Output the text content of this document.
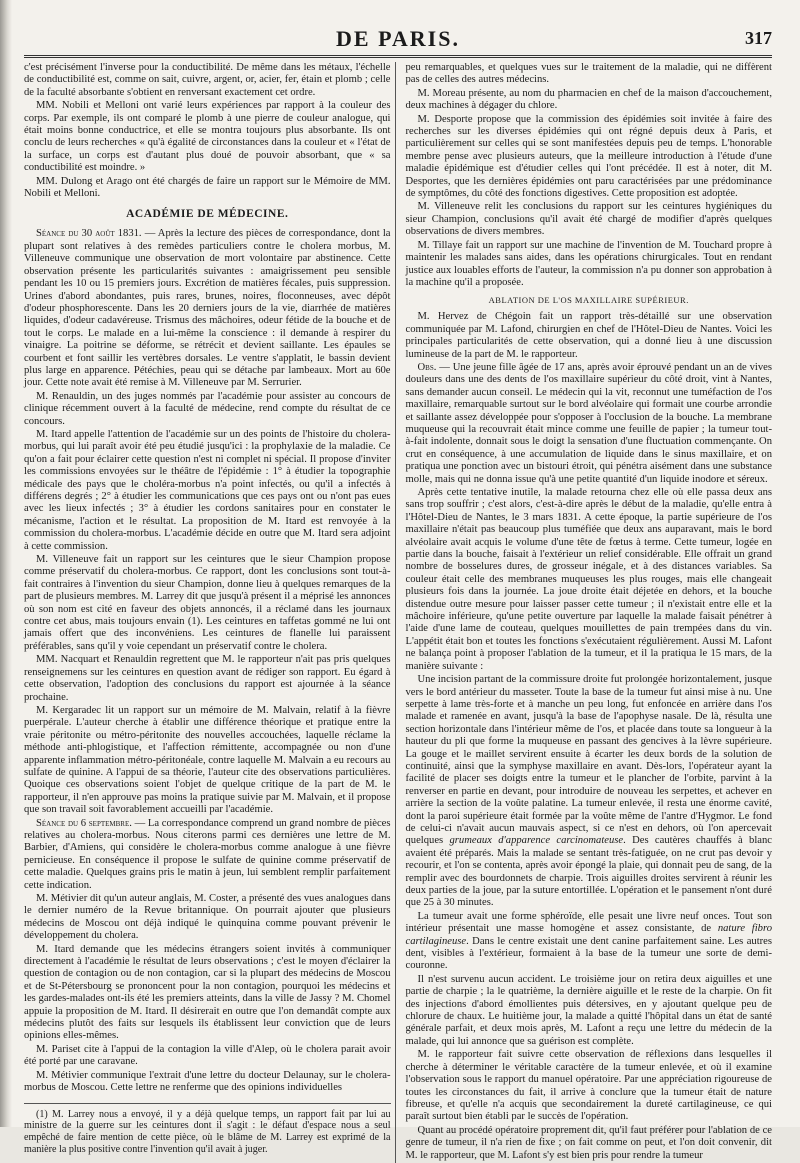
DE PARIS.	317

c'est précisément l'inverse pour la conductibilité. De même dans les métaux, l'échelle de conductibilité est, comme on sait, cuivre, argent, or, acier, fer, étain et plomb ; celle de la faculté absorbante s'obtient en renversant exactement cet ordre.

MM. Nobili et Melloni ont varié leurs expériences par rapport à la couleur des corps. Par exemple, ils ont comparé le plomb à une pierre de couleur analogue, qui était moins bonne conductrice, et elle se montra toujours plus absorbante. Ils ont conclu de leurs recherches « qu'à égalité de circonstances dans la couleur et « l'état de la surface, un corps est d'autant plus doué de pouvoir absorbant, que « sa conductibilité est moindre. »

MM. Dulong et Arago ont été chargés de faire un rapport sur le Mémoire de MM. Nobili et Melloni.

ACADÉMIE DE MÉDECINE.

Séance du 30 août 1831. — Après la lecture des pièces de correspondance, dont la plupart sont relatives à des remèdes particuliers contre le cholera morbus, M. Villeneuve communique une observation de mort volontaire par abstinence. Cette observation présente les particularités suivantes : amaigrissement peu sensible pendant les 10 ou 15 premiers jours. Excrétion de matières fécales, puis suppression. Urines d'abord abondantes, puis rares, brunes, noires, floconneuses, avec dépôt d'odeur phosphorescente. Dans les 20 derniers jours de la vie, diarrhée de matières liquides, d'odeur cadavéreuse. Trismus des mâchoires, odeur fétide de la bouche et de tout le corps. Le malade en a lui-même la conscience : il demande à respirer du vinaigre. La poitrine se déforme, se rétrécit et devient saillante. Les épaules se courbent et font saillir les vertèbres dorsales. Le ventre s'applatit, le bassin devient plus large en apparence. Pétéchies, peau qui se détache par lambeaux. Mort au 60e jour. Cette note avait été remise à M. Villeneuve par M. Serrurier.

M. Renauldin, un des juges nommés par l'académie pour assister au concours de clinique récemment ouvert à la faculté de médecine, rend compte du résultat de ce concours.

M. Itard appelle l'attention de l'académie sur un des points de l'histoire du cholera-morbus, qui lui paraît avoir été peu étudié jusqu'ici : la prophylaxie de la maladie. Ce qu'on a fait pour éclairer cette question n'est ni complet ni spécial. Il propose d'inviter les commissions envoyées sur le théâtre de l'épidémie : 1° à étudier la topographie médicale des pays que le choléra-morbus n'a point infectés, ou qu'il a infectés à différens degrés ; 2° à étudier les communications que ces pays ont ou n'ont pas eues avec les lieux infectés ; 3° à étudier les cordons sanitaires pour en constater le mécanisme, l'action et le résultat. La proposition de M. Itard est renvoyée à la commission du cholera-morbus. L'académie décide en outre que M. Itard sera adjoint à cette commission.

M. Villeneuve fait un rapport sur les ceintures que le sieur Champion propose comme préservatif du cholera-morbus. Ce rapport, dont les conclusions sont tout-à-fait contraires à l'invention du sieur Champion, donne lieu à quelques remarques de la part de plusieurs membres. M. Larrey dit que jusqu'à présent il a méprisé les annonces où son nom est cité en faveur des objets annoncés, il a réclamé dans les journaux contre cet abus, mais toujours envain (1). Les ceintures en taffetas gommé ne lui ont jamais offert que des inconvéniens. Les ceintures de flanelle lui paraissent préférables, sans qu'il y voie cependant un préservatif contre le cholera.

MM. Nacquart et Renauldin regrettent que M. le rapporteur n'ait pas pris quelques renseignemens sur les ceintures en question avant de rédiger son rapport. Eu égard à cette observation, l'adoption des conclusions du rapport est ajournée à la séance prochaine.

M. Kergaradec lit un rapport sur un mémoire de M. Malvain, relatif à la fièvre puerpérale. L'auteur cherche à établir une différence théorique et pratique entre la vraie péritonite ou métro-péritonite des nouvelles accouchées, laquelle réclame la méthode anti-phlogistique, et l'affection rémittente, accompagnée ou non d'une apparente inflammation métro-péritonéale, contre laquelle M. Malvain a eu recours au sulfate de quinine. A l'appui de sa théorie, l'auteur cite des observations particulières. Quoique ces observations soient l'objet de quelque critique de la part de M. le rapporteur, il n'en approuve pas moins la pratique suivie par M. Malvain, et il propose que son travail soit favorablement accueilli par l'académie.

Séance du 6 septembre. — La correspondance comprend un grand nombre de pièces relatives au cholera-morbus. Nous citerons parmi ces dernières une lettre de M. Barbier, d'Amiens, qui considère le cholera-morbus comme analogue à une fièvre pernicieuse. En conséquence il propose le sulfate de quinine comme préservatif de cette maladie. Quelques grains pris le matin à jeun, lui semblent remplir parfaitement cette indication.

M. Métivier dit qu'un auteur anglais, M. Coster, a présenté des vues analogues dans le dernier numéro de la Revue britannique. On pourrait ajouter que plusieurs médecins de Moscou ont déjà indiqué le quinquina comme pouvant prévenir le développement du cholera.

M. Itard demande que les médecins étrangers soient invités à communiquer directement à l'académie le résultat de leurs observations ; c'est le moyen d'éclairer la question de contagion ou de non contagion, car si la plupart des médecins de Moscou et de St-Pétersbourg se prononcent pour la non contagion, pourquoi les médecins et les gardes-malades ont-ils été les premiers atteints, dans la ville de Jassy ? M. Chomel appuie la proposition de M. Itard. Il désirerait en outre que l'on demandât compte aux médecins plutôt des faits sur lesquels ils établissent leur conviction que de leurs opinions elles-mêmes.

M. Pariset cite à l'appui de la contagion la ville d'Alep, où le cholera parait avoir été porté par une caravane.

M. Métivier communique l'extrait d'une lettre du docteur Delaunay, sur le cholera-morbus de Moscou. Cette lettre ne renferme que des opinions individuelles

(1) M. Larrey nous a envoyé, il y a déjà quelque temps, un rapport fait par lui au ministre de la guerre sur les ceintures dont il s'agit : le défaut d'espace nous a seul empêché de faire mention de cette pièce, où le blâme de M. Larrey est exprimé de la manière la plus positive contre l'invention qu'il avait à juger.

peu remarquables, et quelques vues sur le traitement de la maladie, qui ne diffèrent pas de celles des autres médecins.

M. Moreau présente, au nom du pharmacien en chef de la maison d'accouchement, deux machines à dégager du chlore.

M. Desporte propose que la commission des épidémies soit invitée à faire des recherches sur les diverses épidémies qui ont régné depuis deux à Paris, et particulièrement sur celles qui se sont manifestées depuis peu de temps. L'honorable membre pense avec plusieurs auteurs, que la meilleure introduction à l'étude d'une maladie épidémique est d'étudier celles qui l'ont précédée. Il est à noter, dit M. Desportes, que les dernières épidémies ont paru caractérisées par une prédominance de symptômes, du côté des fonctions digestives. Cette proposition est adoptée.

M. Villeneuve relit les conclusions du rapport sur les ceintures hygiéniques du sieur Champion, conclusions qu'il avait été chargé de modifier d'après quelques observations de divers membres.

M. Tillaye fait un rapport sur une machine de l'invention de M. Touchard propre à maintenir les malades sans aides, dans les opérations chirurgicales. Tout en rendant justice aux louables efforts de l'auteur, la commission n'a pu donner son approbation à la machine qu'il a proposée.

ABLATION DE L'OS MAXILLAIRE SUPÉRIEUR.

M. Hervez de Chégoin fait un rapport très-détaillé sur une observation communiquée par M. Lafond, chirurgien en chef de l'Hôtel-Dieu de Nantes. Voici les principales particularités de cette observation, qui a donné lieu à une discussion lumineuse de la part de M. le rapporteur.

Obs. — Une jeune fille âgée de 17 ans, après avoir éprouvé pendant un an de vives douleurs dans une des dents de l'os maxillaire supérieur du côté droit, vint à Nantes, sans demander aucun conseil. Le médecin qui la vit, reconnut une tuméfaction de l'os maxillaire, remarquable surtout sur le bord alvéolaire qui formait une courbe arrondie et saillante assez développée pour s'opposer à l'occlusion de la bouche. La membrane muqueuse qui la recouvrait était mince comme une feuille de papier ; la tumeur tout-à-fait indolente, donnait sous le doigt la sensation d'une fluctuation commençante. On crut en conséquence, à une accumulation de liquide dans le sinus maxillaire, et on pratiqua une ponction avec un bistouri étroit, qui pénétra aisément dans une substance molle, mais qui ne donna issue qu'à une petite quantité d'un liquide inodore et séreux.

Après cette tentative inutile, la malade retourna chez elle où elle passa deux ans sans trop souffrir ; c'est alors, c'est-à-dire après le début de la maladie, qu'elle entra à l'Hôtel-Dieu de Nantes, le 3 mars 1831. A cette époque, la partie supérieure de l'os maxillaire n'était pas beaucoup plus tuméfiée que deux ans auparavant, mais le bord alvéolaire avait acquis le volume d'une tête de fœtus à terme. Cette tumeur, logée en partie dans la bouche, faisait à l'extérieur un relief considérable. Elle offrait un grand nombre de bosselures dures, de grosseur inégale, et à des distances variables. Sa couleur était celle des membranes muqueuses les plus rouges, mais elle changeait plusieurs fois dans la journée. La joue droite était déjetée en dehors, et la bouche distendue outre mesure pour laisser passer cette tumeur ; il n'existait entre elle et la mâchoire inférieure, qu'une petite ouverture par laquelle la malade faisait pénétrer à l'aide d'une lame de couteau, quelques mouillettes de pain trempées dans du vin. L'appétit était bon et toutes les fonctions s'exécutaient régulièrement. Aussi M. Lafont ne balança point à proposer l'ablation de la tumeur, et il la pratiqua le 15 mars, de la manière suivante :

Une incision partant de la commissure droite fut prolongée horizontalement, jusque vers le bord antérieur du masseter. Toute la base de la tumeur fut ainsi mise à nu. Une serpette à lame très-forte et à manche un peu long, fut enfoncée en arrière dans l'os malade et ramenée en avant, jusqu'à la base de l'apophyse nasale. De là, résulta une section horizontale dans l'intérieur même de l'os, et placée dans toute sa longueur à la hauteur du pli que forme la muqueuse en passant des gencives à la lèvre supérieure. La gouge et le maillet servirent ensuite à écarter les deux bords de la solution de continuité, ainsi que la symphyse maxillaire en avant. Dès-lors, l'opérateur ayant la facilité de placer ses doigts entre la tumeur et le plancher de l'orbite, parvint à la renverser en partie en devant, pour introduire de nouveau les serpettes, et achever en arrière la section de la voûte palatine. La tumeur enlevée, il resta une énorme cavité, dont la paroi supérieure était formée par la voûte même de l'antre d'Hygmor. Le fond de celui-ci n'avait aucun mauvais aspect, si ce n'est en dehors, où l'on apercevait quelques grumeaux d'apparence carcinomateuse. Des cautères chauffés à blanc avaient été préparés. Mais la malade se sentant très-fatiguée, on ne crut pas devoir y recourir, et l'on se contenta, après avoir épongé la plaie, qui donnait peu de sang, de la remplir avec des bourdonnets de charpie. Trois aiguilles droites servirent à réunir les deux parties de la joue, par la suture entortillée. L'opération et le pansement n'ont duré que 25 à 30 minutes.

La tumeur avait une forme sphéroïde, elle pesait une livre neuf onces. Tout son intérieur présentait une masse homogène et assez consistante, de nature fibro cartilagineuse. Dans le centre existait une dent canine parfaitement saine. Les autres dent, visibles à l'extérieur, formaient à la base de la tumeur une sorte de demi-couronne.

Il n'est survenu aucun accident. Le troisième jour on retira deux aiguilles et une partie de charpie ; la le quatrième, la dernière aiguille et le reste de la charpie. On fit des injections d'abord émollientes puis détersives, en y ajoutant quelque peu de chlorure de chaux. Le huitième jour, la malade a quitté l'hôpital dans un état de santé générale parfait, et deux mois après, M. Lafont a reçu une lettre du médecin de la malade, qui lui annonce que sa guérison est complète.

M. le rapporteur fait suivre cette observation de réflexions dans lesquelles il cherche à déterminer le véritable caractère de la tumeur enlevée, et où il examine l'observation sous le rapport du manuel opératoire. Par une appréciation rigoureuse de toutes les circonstances du fait, il arrive à conclure que la tumeur était de nature fibreuse, et qu'elle n'a acquis que secondairement la dureté cartilagineuse, ce qui paraît surtout bien établi par le succès de l'opération.

Quant au procédé opératoire proprement dit, qu'il faut préférer pour l'ablation de ce genre de tumeur, il n'a rien de fixe ; on fait comme on peut, et l'on doit convenir, dit M. le rapporteur, que M. Lafont s'y est bien pris pour rendre la tumeur
